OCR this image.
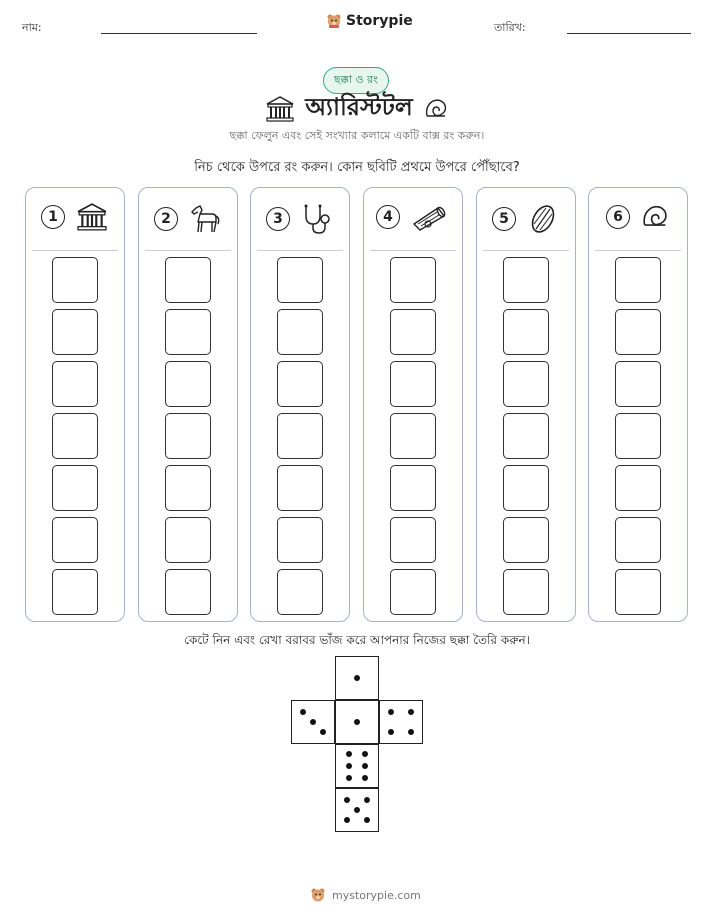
নাম:	Storypie	তারিখ:
ছক্কা ও রং
অ্যারিস্টটল
ছক্কা ফেলুন এবং সেই সংখ্যার কলামে একটি বাক্স রং করুন।
নিচ থেকে উপরে রং করুন। কোন ছবিটি প্রথমে উপরে পৌঁছাবে?
1	2	3	4	5	6
কেটে নিন এবং রেখা বরাবর ভাঁজ করে আপনার নিজের ছক্কা তৈরি করুন।
mystorypie.com
